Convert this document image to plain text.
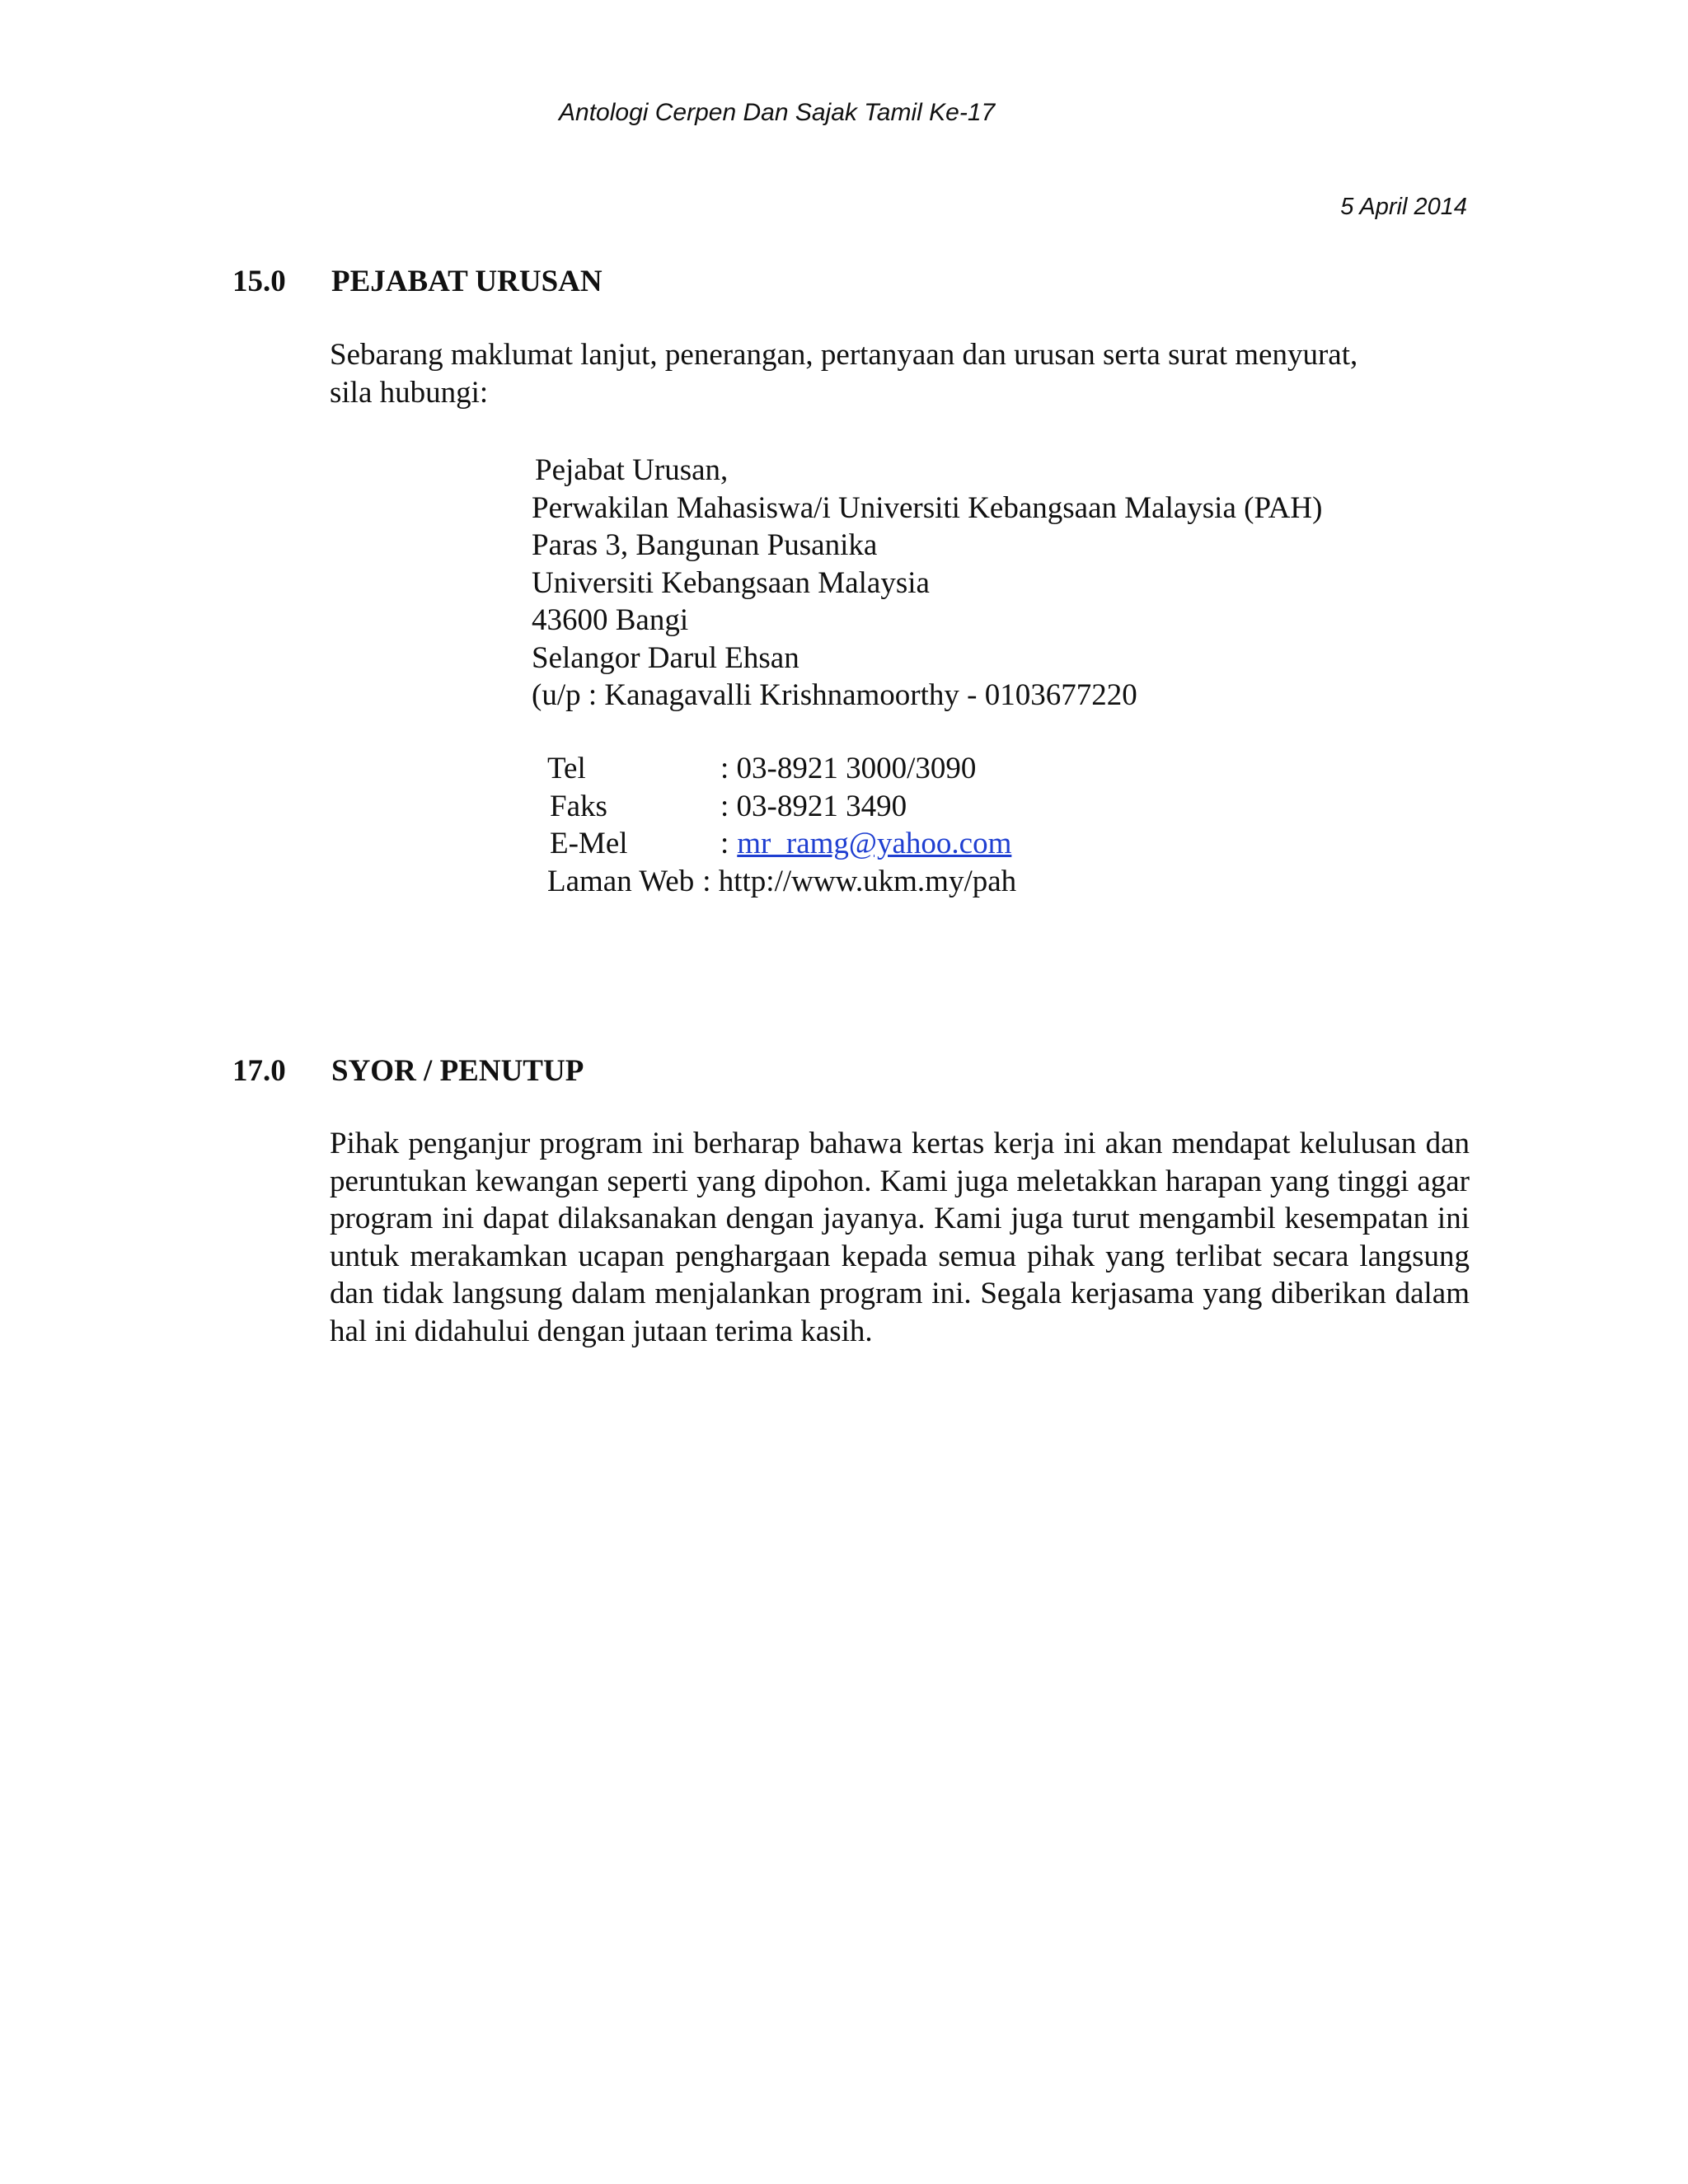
Antologi Cerpen Dan Sajak Tamil Ke-17
5 April 2014
15.0 PEJABAT URUSAN
Sebarang maklumat lanjut, penerangan, pertanyaan dan urusan serta surat menyurat,
sila hubungi:
Pejabat Urusan,
Perwakilan Mahasiswa/i Universiti Kebangsaan Malaysia (PAH)
Paras 3, Bangunan Pusanika
Universiti Kebangsaan Malaysia
43600 Bangi
Selangor Darul Ehsan
(u/p : Kanagavalli Krishnamoorthy - 0103677220
Tel	: 03-8921 3000/3090
Faks	: 03-8921 3490
E-Mel	: mr_ramg@yahoo.com
Laman Web : http://www.ukm.my/pah
17.0 SYOR / PENUTUP
Pihak penganjur program ini berharap bahawa kertas kerja ini akan mendapat kelulusan dan peruntukan kewangan seperti yang dipohon. Kami juga meletakkan harapan yang tinggi agar program ini dapat dilaksanakan dengan jayanya. Kami juga turut mengambil kesempatan ini untuk merakamkan ucapan penghargaan kepada semua pihak yang terlibat secara langsung dan tidak langsung dalam menjalankan program ini. Segala kerjasama yang diberikan dalam hal ini didahului dengan jutaan terima kasih.
